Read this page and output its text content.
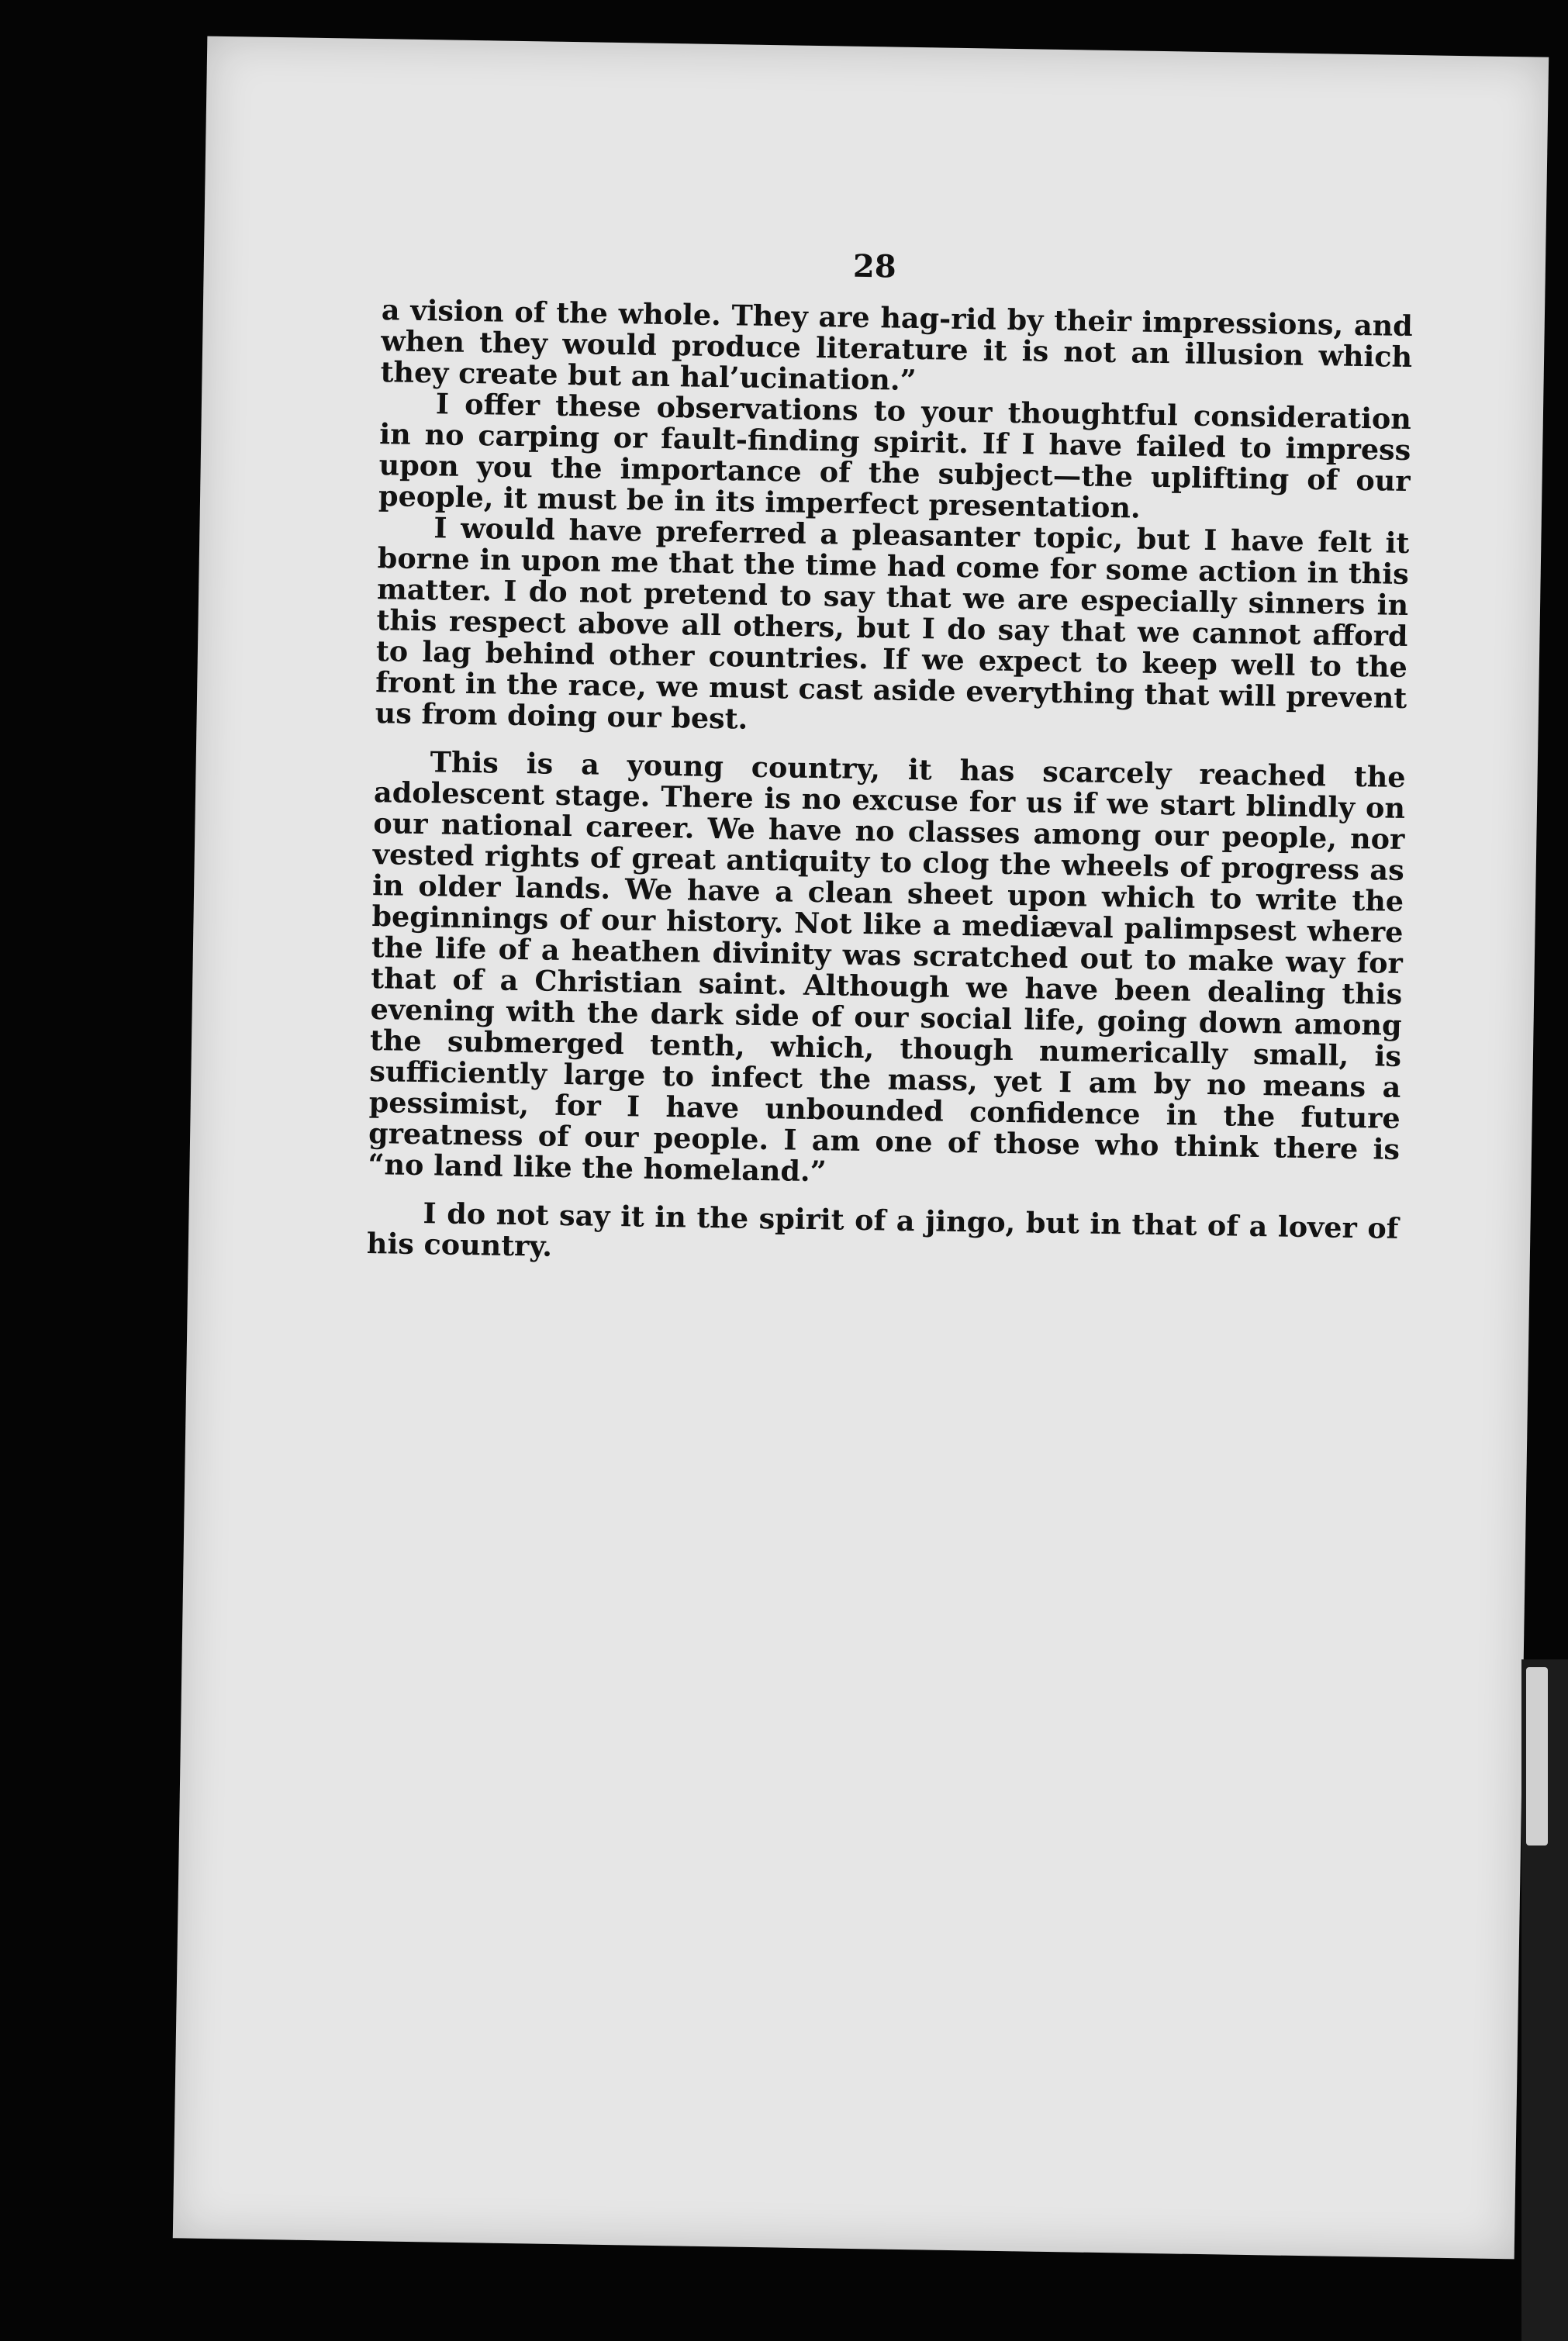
28

a vision of the whole. They are hag-rid by their impressions, and when they would produce literature it is not an illusion which they create but an hal’ucination.”

I offer these observations to your thoughtful consideration in no carping or fault-finding spirit. If I have failed to impress upon you the importance of the subject—the uplifting of our people, it must be in its imperfect presentation.

I would have preferred a pleasanter topic, but I have felt it borne in upon me that the time had come for some action in this matter. I do not pretend to say that we are especially sinners in this respect above all others, but I do say that we cannot afford to lag behind other countries. If we expect to keep well to the front in the race, we must cast aside everything that will prevent us from doing our best.

This is a young country, it has scarcely reached the adolescent stage. There is no excuse for us if we start blindly on our national career. We have no classes among our people, nor vested rights of great antiquity to clog the wheels of progress as in older lands. We have a clean sheet upon which to write the beginnings of our history. Not like a mediæval palimpsest where the life of a heathen divinity was scratched out to make way for that of a Christian saint. Although we have been dealing this evening with the dark side of our social life, going down among the submerged tenth, which, though numerically small, is sufficiently large to infect the mass, yet I am by no means a pessimist, for I have unbounded confidence in the future greatness of our people. I am one of those who think there is “no land like the homeland.”

I do not say it in the spirit of a jingo, but in that of a lover of his country.
